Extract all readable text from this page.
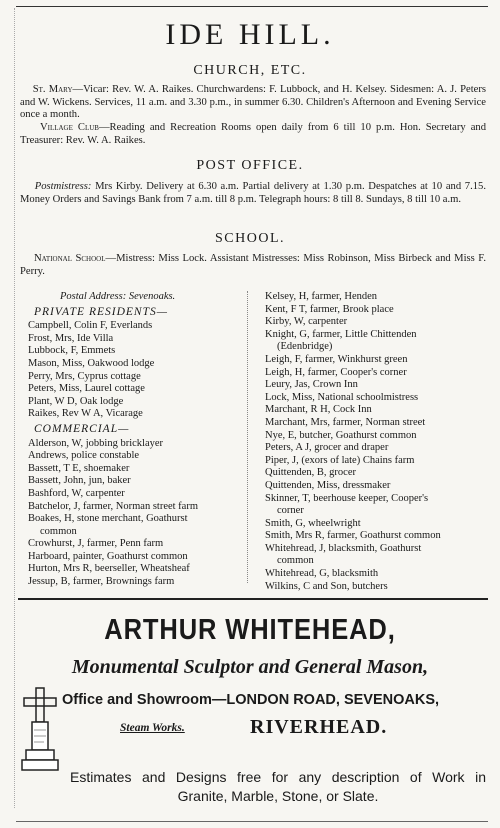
IDE HILL.
CHURCH, ETC.
St. Mary—Vicar: Rev. W. A. Raikes. Churchwardens: F. Lubbock, and H. Kelsey. Sidesmen: A. J. Peters and W. Wickens. Services, 11 a.m. and 3.30 p.m., in summer 6.30. Children's Afternoon and Evening Service once a month.
Village Club—Reading and Recreation Rooms open daily from 6 till 10 p.m. Hon. Secretary and Treasurer: Rev. W. A. Raikes.
POST OFFICE.
Postmistress: Mrs Kirby. Delivery at 6.30 a.m. Partial delivery at 1.30 p.m. Despatches at 10 and 7.15. Money Orders and Savings Bank from 7 a.m. till 8 p.m. Telegraph hours: 8 till 8. Sundays, 8 till 10 a.m.
SCHOOL.
National School—Mistress: Miss Lock. Assistant Mistresses: Miss Robinson, Miss Birbeck and Miss F. Perry.
Postal Address: Sevenoaks.
PRIVATE RESIDENTS—
Campbell, Colin F, Everlands
Frost, Mrs, Ide Villa
Lubbock, F, Emmets
Mason, Miss, Oakwood lodge
Perry, Mrs, Cyprus cottage
Peters, Miss, Laurel cottage
Plant, W D, Oak lodge
Raikes, Rev W A, Vicarage
COMMERCIAL—
Alderson, W, jobbing bricklayer
Andrews, police constable
Bassett, T E, shoemaker
Bassett, John, jun, baker
Bashford, W, carpenter
Batchelor, J, farmer, Norman street farm
Boakes, H, stone merchant, Goathurst
common
Crowhurst, J, farmer, Penn farm
Harboard, painter, Goathurst common
Hurton, Mrs R, beerseller, Wheatsheaf
Jessup, B, farmer, Brownings farm
Kelsey, H, farmer, Henden
Kent, F T, farmer, Brook place
Kirby, W, carpenter
Knight, G, farmer, Little Chittenden
(Edenbridge)
Leigh, F, farmer, Winkhurst green
Leigh, H, farmer, Cooper's corner
Leury, Jas, Crown Inn
Lock, Miss, National schoolmistress
Marchant, R H, Cock Inn
Marchant, Mrs, farmer, Norman street
Nye, E, butcher, Goathurst common
Peters, A J, grocer and draper
Piper, J, (exors of late) Chains farm
Quittenden, B, grocer
Quittenden, Miss, dressmaker
Skinner, T, beerhouse keeper, Cooper's
corner
Smith, G, wheelwright
Smith, Mrs R, farmer, Goathurst common
Whitehread, J, blacksmith, Goathurst
common
Whitehread, G, blacksmith
Wilkins, C and Son, butchers
ARTHUR WHITEHEAD,
Monumental Sculptor and General Mason,
Office and Showroom—LONDON ROAD, SEVENOAKS,
Steam Works.	RIVERHEAD.
Estimates and Designs free for any description of Work in
Granite, Marble, Stone, or Slate.
